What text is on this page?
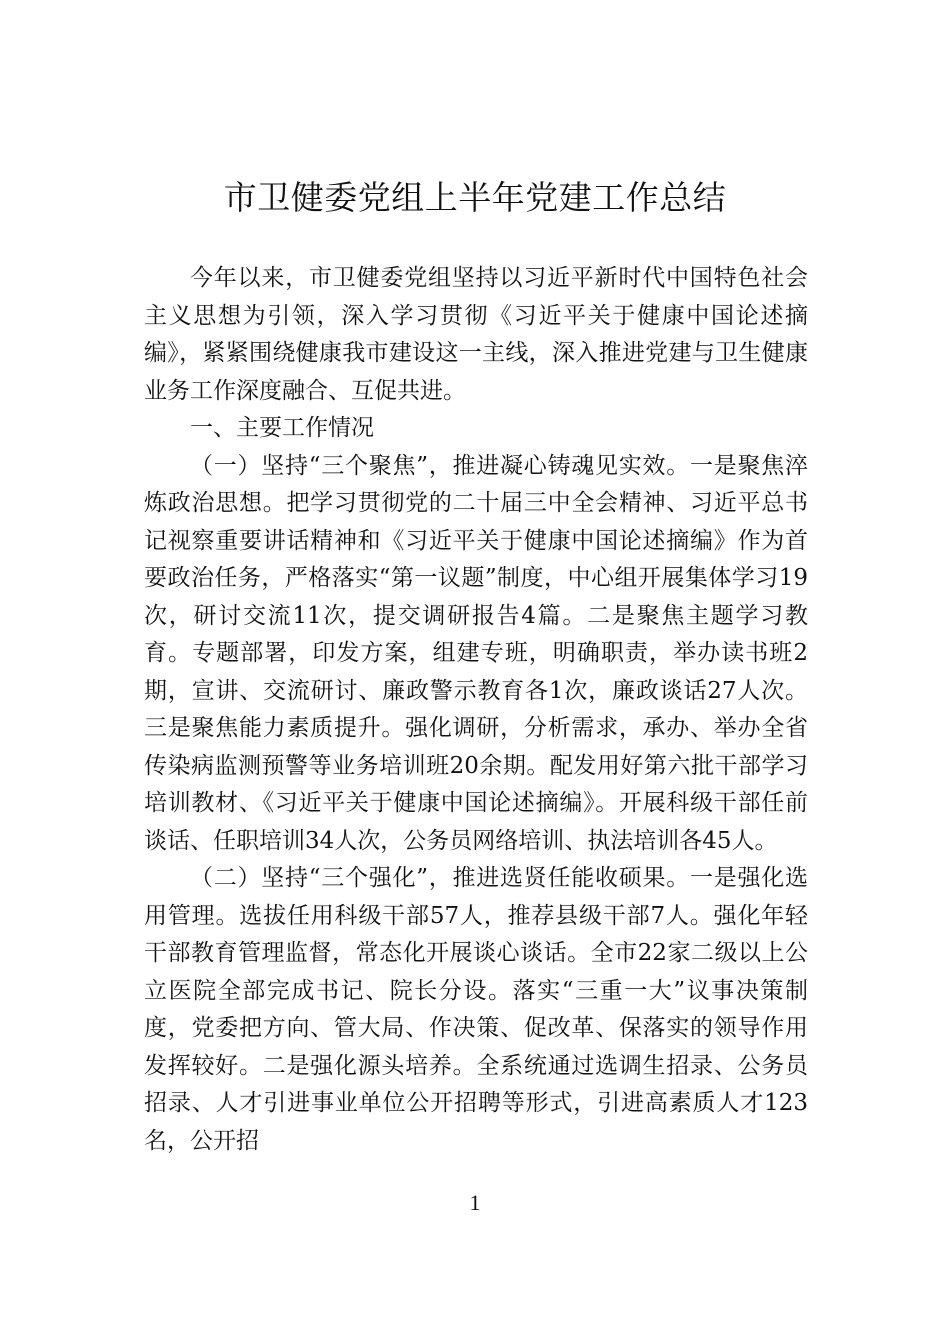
市卫健委党组上半年党建工作总结

今年以来，市卫健委党组坚持以习近平新时代中国特色社会主义思想为引领，深入学习贯彻《习近平关于健康中国论述摘编》，紧紧围绕健康我市建设这一主线，深入推进党建与卫生健康业务工作深度融合、互促共进。

一、主要工作情况

（一）坚持“三个聚焦”，推进凝心铸魂见实效。一是聚焦淬炼政治思想。把学习贯彻党的二十届三中全会精神、习近平总书记视察重要讲话精神和《习近平关于健康中国论述摘编》作为首要政治任务，严格落实“第一议题”制度，中心组开展集体学习19次，研讨交流11次，提交调研报告4篇。二是聚焦主题学习教育。专题部署，印发方案，组建专班，明确职责，举办读书班2期，宣讲、交流研讨、廉政警示教育各1次，廉政谈话27人次。三是聚焦能力素质提升。强化调研，分析需求，承办、举办全省传染病监测预警等业务培训班20余期。配发用好第六批干部学习培训教材、《习近平关于健康中国论述摘编》。开展科级干部任前谈话、任职培训34人次，公务员网络培训、执法培训各45人。

（二）坚持“三个强化”，推进选贤任能收硕果。一是强化选用管理。选拔任用科级干部57人，推荐县级干部7人。强化年轻干部教育管理监督，常态化开展谈心谈话。全市22家二级以上公立医院全部完成书记、院长分设。落实“三重一大”议事决策制度，党委把方向、管大局、作决策、促改革、保落实的领导作用发挥较好。二是强化源头培养。全系统通过选调生招录、公务员招录、人才引进事业单位公开招聘等形式，引进高素质人才123名，公开招

1
